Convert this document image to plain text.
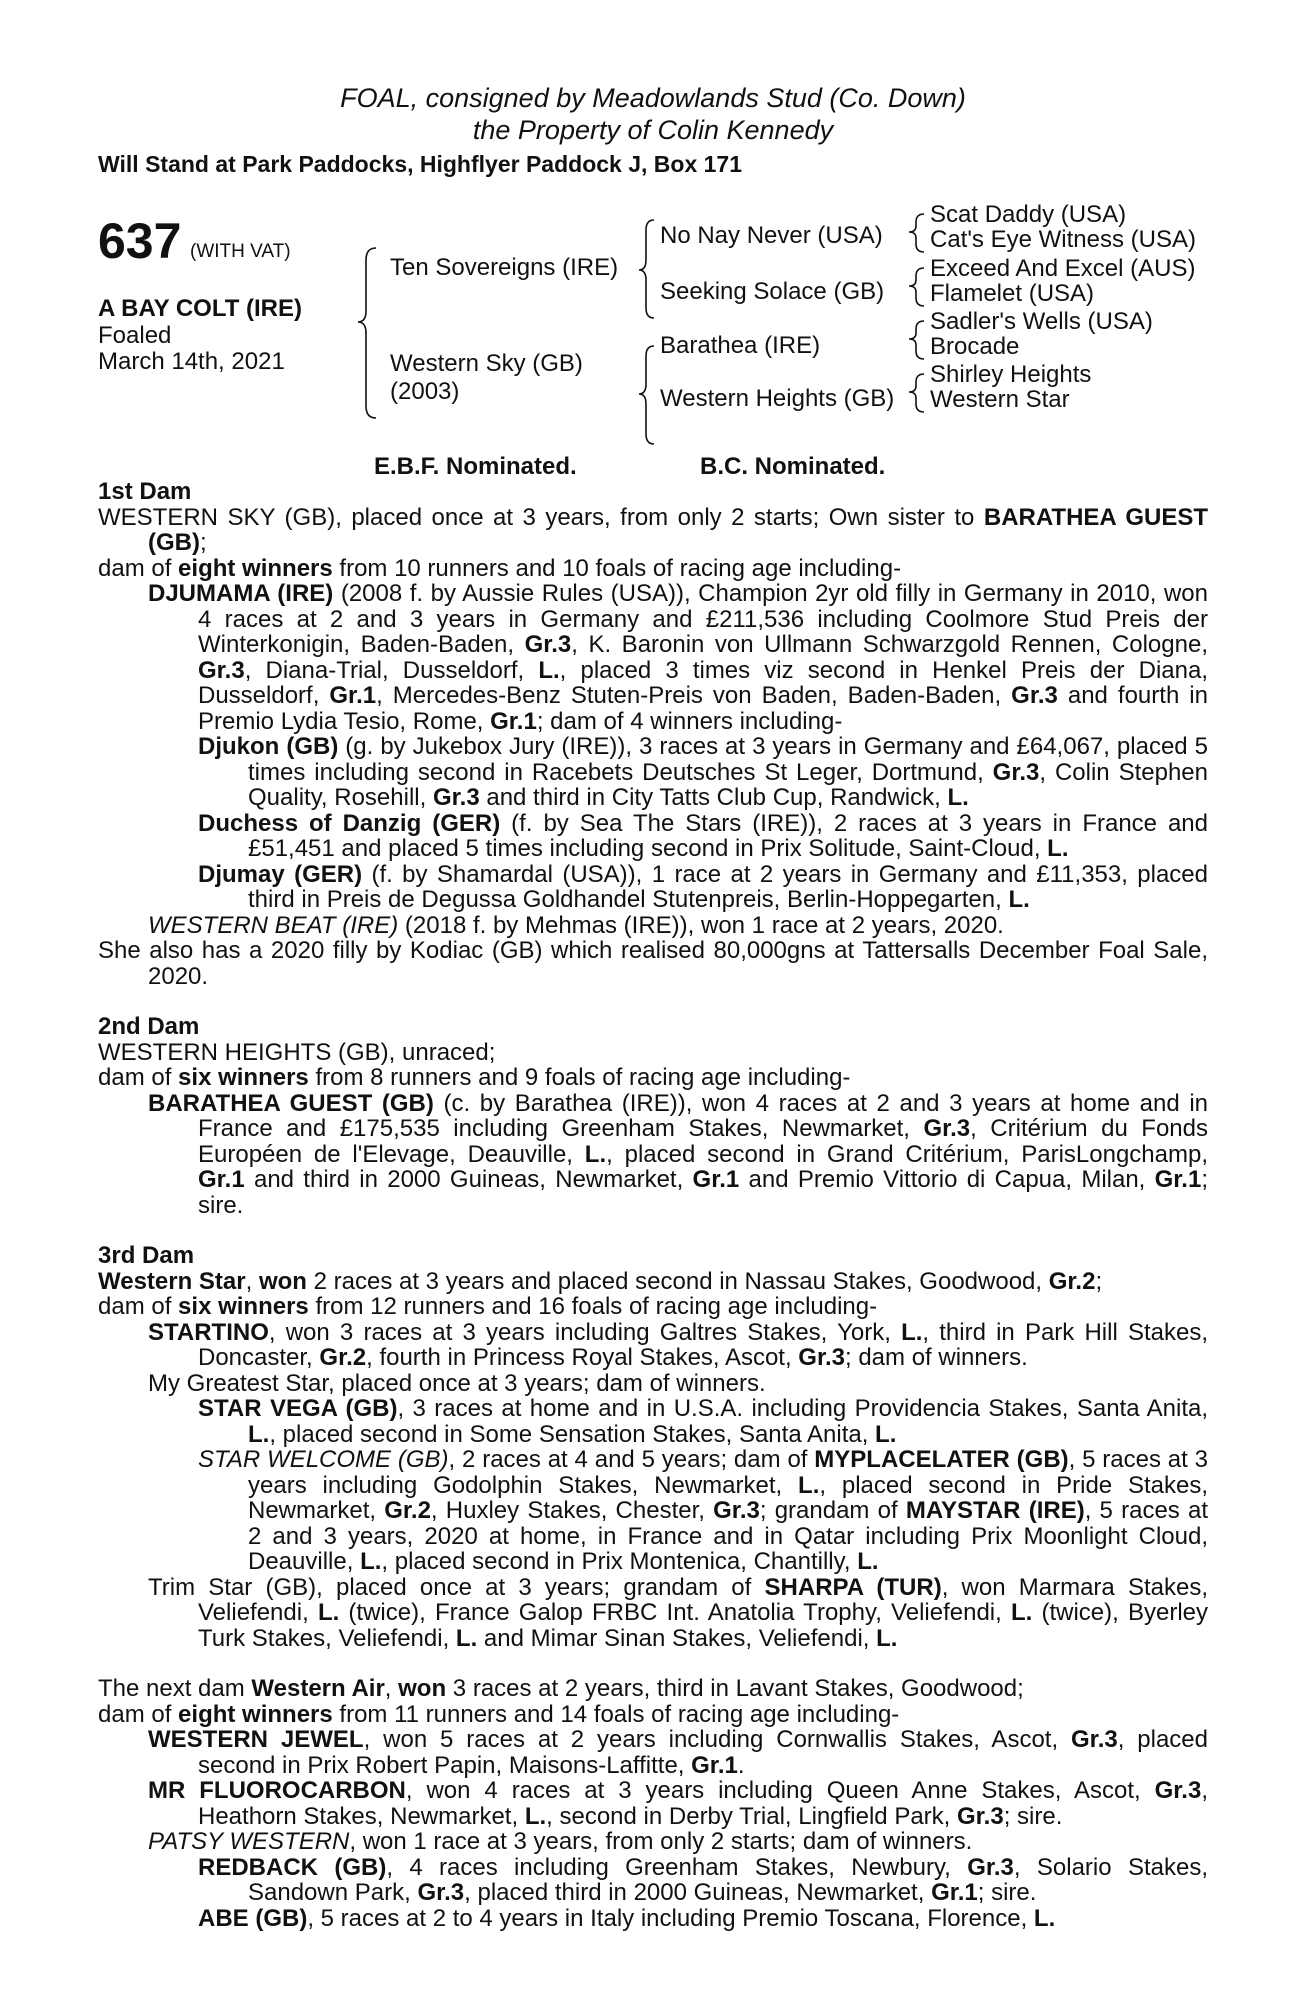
FOAL, consigned by Meadowlands Stud (Co. Down)

the Property of Colin Kennedy

Will Stand at Park Paddocks, Highflyer Paddock J, Box 171

637 (WITH VAT)
A BAY COLT (IRE)
Foaled
March 14th, 2021
Ten Sovereigns (IRE)
Western Sky (GB)
(2003)
No Nay Never (USA)
Seeking Solace (GB)
Barathea (IRE)
Western Heights (GB)
Scat Daddy (USA)
Cat's Eye Witness (USA)
Exceed And Excel (AUS)
Flamelet (USA)
Sadler's Wells (USA)
Brocade
Shirley Heights
Western Star
E.B.F. Nominated.	B.C. Nominated.

1st Dam

WESTERN SKY (GB), placed once at 3 years, from only 2 starts; Own sister to BARATHEA GUEST (GB);

dam of eight winners from 10 runners and 10 foals of racing age including-

DJUMAMA (IRE) (2008 f. by Aussie Rules (USA)), Champion 2yr old filly in Germany in 2010, won 4 races at 2 and 3 years in Germany and £211,536 including Coolmore Stud Preis der Winterkonigin, Baden-Baden, Gr.3, K. Baronin von Ullmann Schwarzgold Rennen, Cologne, Gr.3, Diana-Trial, Dusseldorf, L., placed 3 times viz second in Henkel Preis der Diana, Dusseldorf, Gr.1, Mercedes-Benz Stuten-Preis von Baden, Baden-Baden, Gr.3 and fourth in Premio Lydia Tesio, Rome, Gr.1; dam of 4 winners including-

Djukon (GB) (g. by Jukebox Jury (IRE)), 3 races at 3 years in Germany and £64,067, placed 5 times including second in Racebets Deutsches St Leger, Dortmund, Gr.3, Colin Stephen Quality, Rosehill, Gr.3 and third in City Tatts Club Cup, Randwick, L.

Duchess of Danzig (GER) (f. by Sea The Stars (IRE)), 2 races at 3 years in France and £51,451 and placed 5 times including second in Prix Solitude, Saint-Cloud, L.

Djumay (GER) (f. by Shamardal (USA)), 1 race at 2 years in Germany and £11,353, placed third in Preis de Degussa Goldhandel Stutenpreis, Berlin-Hoppegarten, L.

WESTERN BEAT (IRE) (2018 f. by Mehmas (IRE)), won 1 race at 2 years, 2020.

She also has a 2020 filly by Kodiac (GB) which realised 80,000gns at Tattersalls December Foal Sale, 2020.

2nd Dam

WESTERN HEIGHTS (GB), unraced;

dam of six winners from 8 runners and 9 foals of racing age including-

BARATHEA GUEST (GB) (c. by Barathea (IRE)), won 4 races at 2 and 3 years at home and in France and £175,535 including Greenham Stakes, Newmarket, Gr.3, Critérium du Fonds Européen de l'Elevage, Deauville, L., placed second in Grand Critérium, ParisLongchamp, Gr.1 and third in 2000 Guineas, Newmarket, Gr.1 and Premio Vittorio di Capua, Milan, Gr.1; sire.

3rd Dam

Western Star, won 2 races at 3 years and placed second in Nassau Stakes, Goodwood, Gr.2;

dam of six winners from 12 runners and 16 foals of racing age including-

STARTINO, won 3 races at 3 years including Galtres Stakes, York, L., third in Park Hill Stakes, Doncaster, Gr.2, fourth in Princess Royal Stakes, Ascot, Gr.3; dam of winners.

My Greatest Star, placed once at 3 years; dam of winners.

STAR VEGA (GB), 3 races at home and in U.S.A. including Providencia Stakes, Santa Anita, L., placed second in Some Sensation Stakes, Santa Anita, L.

STAR WELCOME (GB), 2 races at 4 and 5 years; dam of MYPLACELATER (GB), 5 races at 3 years including Godolphin Stakes, Newmarket, L., placed second in Pride Stakes, Newmarket, Gr.2, Huxley Stakes, Chester, Gr.3; grandam of MAYSTAR (IRE), 5 races at 2 and 3 years, 2020 at home, in France and in Qatar including Prix Moonlight Cloud, Deauville, L., placed second in Prix Montenica, Chantilly, L.

Trim Star (GB), placed once at 3 years; grandam of SHARPA (TUR), won Marmara Stakes, Veliefendi, L. (twice), France Galop FRBC Int. Anatolia Trophy, Veliefendi, L. (twice), Byerley Turk Stakes, Veliefendi, L. and Mimar Sinan Stakes, Veliefendi, L.

The next dam Western Air, won 3 races at 2 years, third in Lavant Stakes, Goodwood;

dam of eight winners from 11 runners and 14 foals of racing age including-

WESTERN JEWEL, won 5 races at 2 years including Cornwallis Stakes, Ascot, Gr.3, placed second in Prix Robert Papin, Maisons-Laffitte, Gr.1.

MR FLUOROCARBON, won 4 races at 3 years including Queen Anne Stakes, Ascot, Gr.3, Heathorn Stakes, Newmarket, L., second in Derby Trial, Lingfield Park, Gr.3; sire.

PATSY WESTERN, won 1 race at 3 years, from only 2 starts; dam of winners.

REDBACK (GB), 4 races including Greenham Stakes, Newbury, Gr.3, Solario Stakes, Sandown Park, Gr.3, placed third in 2000 Guineas, Newmarket, Gr.1; sire.

ABE (GB), 5 races at 2 to 4 years in Italy including Premio Toscana, Florence, L.
